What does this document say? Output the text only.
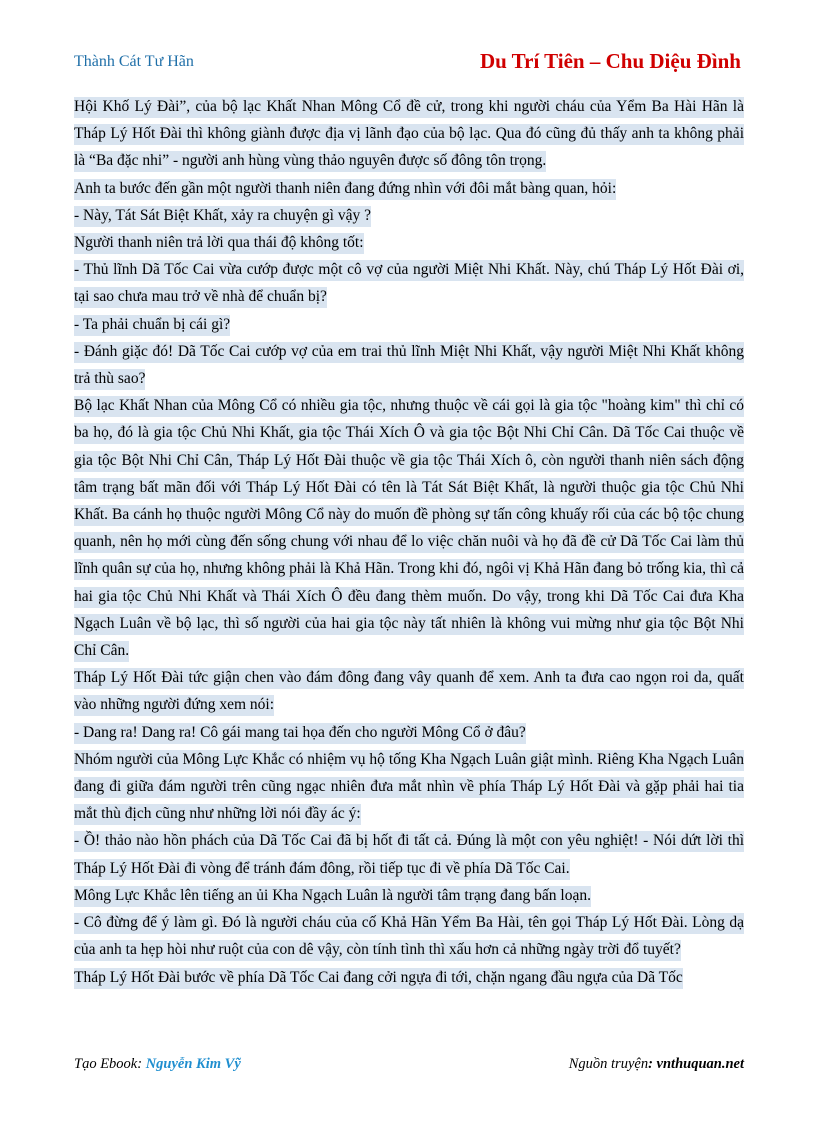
Thành Cát Tư Hãn	Du Trí Tiên – Chu Diệu Đình

Hội Khố Lý Đài”, của bộ lạc Khất Nhan Mông Cổ đề cử, trong khi người cháu của Yểm Ba Hài Hãn là Tháp Lý Hốt Đài thì không giành được địa vị lãnh đạo của bộ lạc. Qua đó cũng đủ thấy anh ta không phải là “Ba đặc nhi” - người anh hùng vùng thảo nguyên được số đông tôn trọng.

Anh ta bước đến gần một người thanh niên đang đứng nhìn với đôi mắt bàng quan, hỏi:

- Này, Tát Sát Biệt Khất, xảy ra chuyện gì vậy ?

Người thanh niên trả lời qua thái độ không tốt:

- Thủ lĩnh Dã Tốc Cai vừa cướp được một cô vợ của người Miệt Nhi Khất. Này, chú Tháp Lý Hốt Đài ơi, tại sao chưa mau trở về nhà để chuẩn bị?

- Ta phải chuẩn bị cái gì?

- Đánh giặc đó! Dã Tốc Cai cướp vợ của em trai thủ lĩnh Miệt Nhi Khất, vậy người Miệt Nhi Khất không trả thù sao?

Bộ lạc Khất Nhan của Mông Cổ có nhiều gia tộc, nhưng thuộc về cái gọi là gia tộc "hoàng kim" thì chỉ có ba họ, đó là gia tộc Chủ Nhi Khất, gia tộc Thái Xích Ô và gia tộc Bột Nhi Chỉ Cân. Dã Tốc Cai thuộc về gia tộc Bột Nhi Chỉ Cân, Tháp Lý Hốt Đài thuộc về gia tộc Thái Xích ô, còn người thanh niên sách động tâm trạng bất mãn đối với Tháp Lý Hốt Đài có tên là Tát Sát Biệt Khất, là người thuộc gia tộc Chủ Nhi Khất. Ba cánh họ thuộc người Mông Cổ này do muốn đề phòng sự tấn công khuấy rối của các bộ tộc chung quanh, nên họ mới cùng đến sống chung với nhau để lo việc chăn nuôi và họ đã đề cử Dã Tốc Cai làm thủ lĩnh quân sự của họ, nhưng không phải là Khả Hãn. Trong khi đó, ngôi vị Khả Hãn đang bỏ trống kia, thì cả hai gia tộc Chủ Nhi Khất và Thái Xích Ô đều đang thèm muốn. Do vậy, trong khi Dã Tốc Cai đưa Kha Ngạch Luân về bộ lạc, thì số người của hai gia tộc này tất nhiên là không vui mừng như gia tộc Bột Nhi Chỉ Cân.

Tháp Lý Hốt Đài tức giận chen vào đám đông đang vây quanh để xem. Anh ta đưa cao ngọn roi da, quất vào những người đứng xem nói:

- Dang ra! Dang ra! Cô gái mang tai họa đến cho người Mông Cổ ở đâu?

Nhóm người của Mông Lực Khắc có nhiệm vụ hộ tống Kha Ngạch Luân giật mình. Riêng Kha Ngạch Luân đang đi giữa đám người trên cũng ngạc nhiên đưa mắt nhìn về phía Tháp Lý Hốt Đài và gặp phải hai tia mắt thù địch cũng như những lời nói đầy ác ý:

- Ồ! thảo nào hồn phách của Dã Tốc Cai đã bị hốt đi tất cả. Đúng là một con yêu nghiệt! - Nói dứt lời thì Tháp Lý Hốt Đài đi vòng để tránh đám đông, rồi tiếp tục đi về phía Dã Tốc Cai.

Mông Lực Khắc lên tiếng an ủi Kha Ngạch Luân là người tâm trạng đang bấn loạn.

- Cô đừng để ý làm gì. Đó là người cháu của cố Khả Hãn Yểm Ba Hài, tên gọi Tháp Lý Hốt Đài. Lòng dạ của anh ta hẹp hòi như ruột của con dê vậy, còn tính tình thì xấu hơn cả những ngày trời đổ tuyết?

Tháp Lý Hốt Đài bước về phía Dã Tốc Cai đang cởi ngựa đi tới, chặn ngang đầu ngựa của Dã Tốc

Tạo Ebook: Nguyễn Kim Vỹ	Nguồn truyện: vnthuquan.net
